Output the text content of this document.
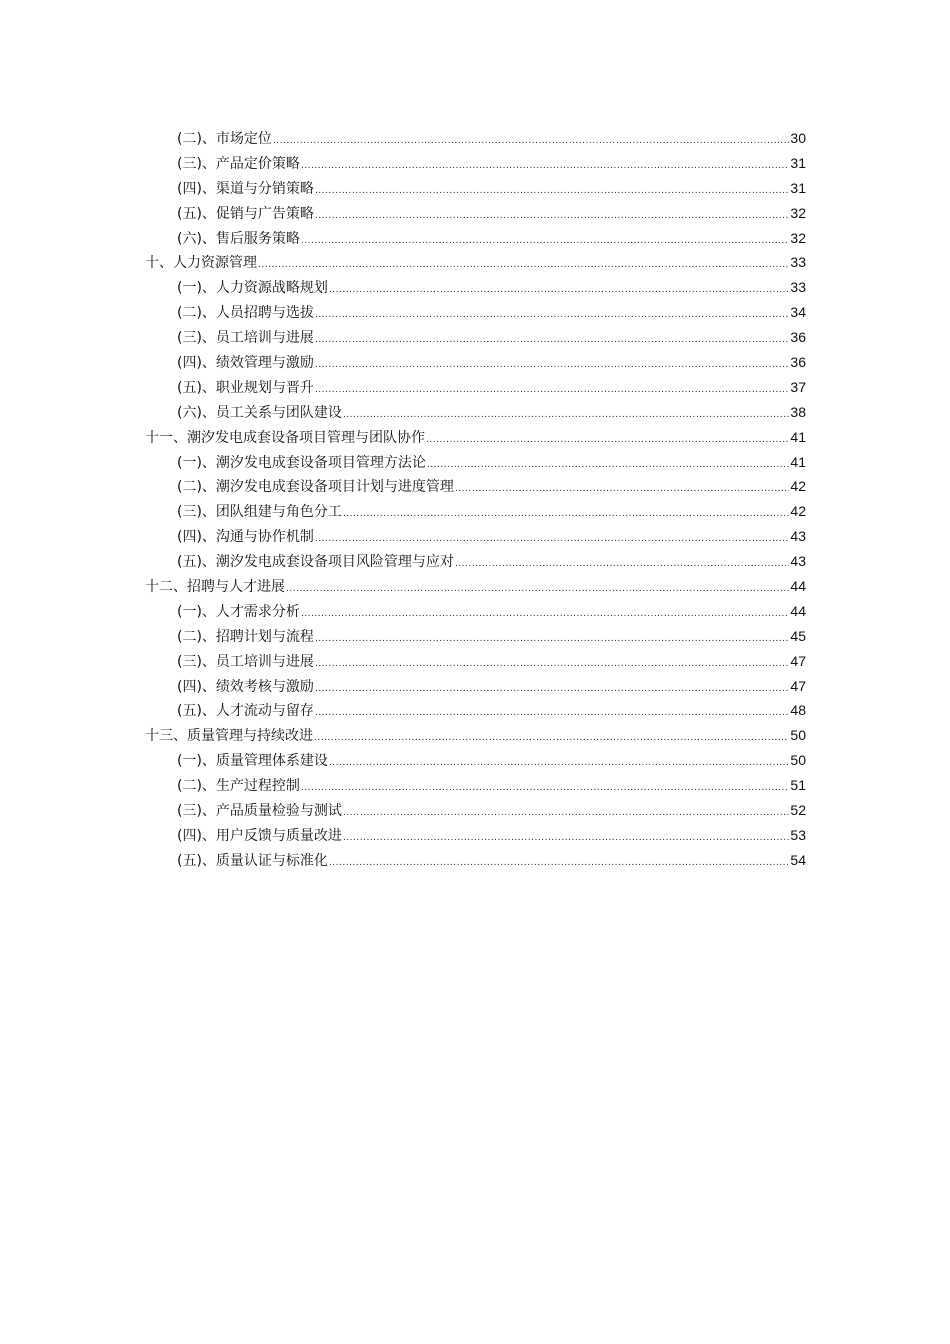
(二)、市场定位 .....	30
(三)、产品定价策略 .....	31
(四)、渠道与分销策略 .....	31
(五)、促销与广告策略 .....	32
(六)、售后服务策略 .....	32
十、人力资源管理 .....	33
(一)、人力资源战略规划 .....	33
(二)、人员招聘与选拔 .....	34
(三)、员工培训与进展 .....	36
(四)、绩效管理与激励 .....	36
(五)、职业规划与晋升 .....	37
(六)、员工关系与团队建设 .....	38
十一、潮汐发电成套设备项目管理与团队协作 .....	41
(一)、潮汐发电成套设备项目管理方法论 .....	41
(二)、潮汐发电成套设备项目计划与进度管理 .....	42
(三)、团队组建与角色分工 .....	42
(四)、沟通与协作机制 .....	43
(五)、潮汐发电成套设备项目风险管理与应对 .....	43
十二、招聘与人才进展 .....	44
(一)、人才需求分析 .....	44
(二)、招聘计划与流程 .....	45
(三)、员工培训与进展 .....	47
(四)、绩效考核与激励 .....	47
(五)、人才流动与留存 .....	48
十三、质量管理与持续改进 .....	50
(一)、质量管理体系建设 .....	50
(二)、生产过程控制 .....	51
(三)、产品质量检验与测试 .....	52
(四)、用户反馈与质量改进 .....	53
(五)、质量认证与标准化 .....	54
